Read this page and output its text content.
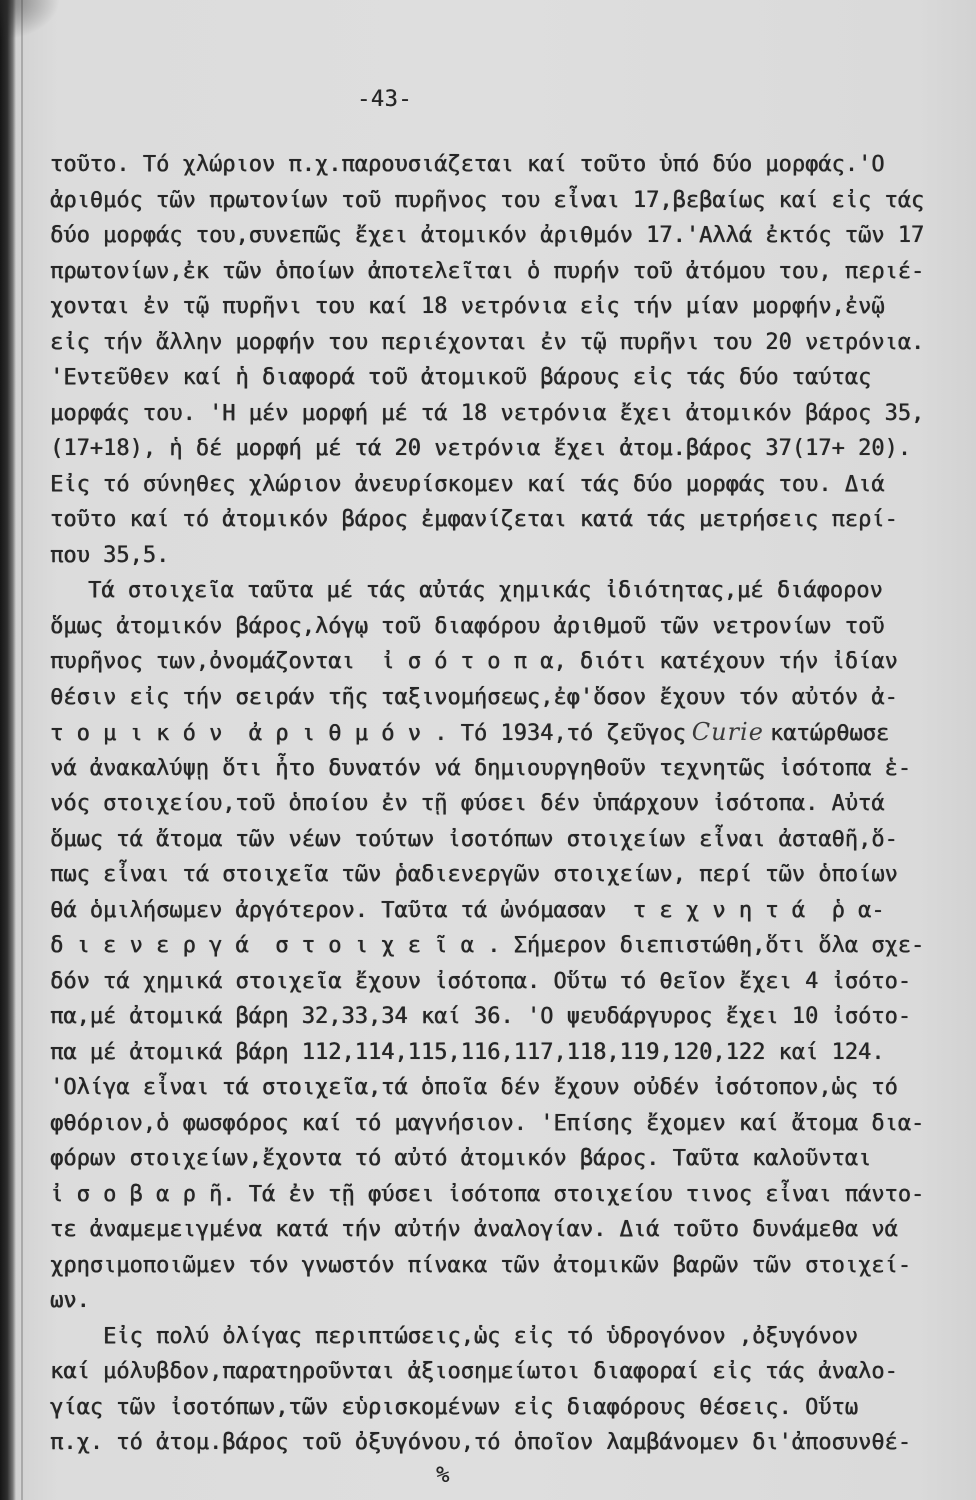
-43-
τοῦτο. Τό χλώριον π.χ.παρουσιάζεται καί τοῦτο ὑπό δύο μορφάς.'Ο
ἀριθμός τῶν πρωτονίων τοῦ πυρῆνος του εἶναι 17,βεβαίως καί εἰς τάς
δύο μορφάς του,συνεπῶς ἔχει ἀτομικόν ἀριθμόν 17.'Αλλά ἐκτός τῶν 17
πρωτονίων,ἐκ τῶν ὁποίων ἀποτελεῖται ὁ πυρήν τοῦ ἀτόμου του, περιέ-
χονται ἐν τῷ πυρῆνι του καί 18 νετρόνια εἰς τήν μίαν μορφήν,ἐνῷ
εἰς τήν ἄλλην μορφήν του περιέχονται ἐν τῷ πυρῆνι του 20 νετρόνια.
'Εντεῦθεν καί ἡ διαφορά τοῦ ἀτομικοῦ βάρους εἰς τάς δύο ταύτας
μορφάς του. 'Η μέν μορφή μέ τά 18 νετρόνια ἔχει ἀτομικόν βάρος 35,
(17+18), ἡ δέ μορφή μέ τά 20 νετρόνια ἔχει ἀτομ.βάρος 37(17+ 20).
Εἰς τό σύνηθες χλώριον ἀνευρίσκομεν καί τάς δύο μορφάς του. Διά
τοῦτο καί τό ἀτομικόν βάρος ἐμφανίζεται κατά τάς μετρήσεις περί-
που 35,5.
Τά στοιχεῖα ταῦτα μέ τάς αὐτάς χημικάς ἰδιότητας,μέ διάφορον
ὅμως ἀτομικόν βάρος,λόγῳ τοῦ διαφόρου ἀριθμοῦ τῶν νετρονίων τοῦ
πυρῆνος των,ὀνομάζονται  ἰ σ ό τ ο π α, διότι κατέχουν τήν ἰδίαν
θέσιν εἰς τήν σειράν τῆς ταξινομήσεως,ἐφ'ὅσον ἔχουν τόν αὐτόν ἀ-
τ ο μ ι κ ό ν  ἀ ρ ι θ μ ό ν . Τό 1934,τό ζεῦγος Curie κατώρθωσε
νά ἀνακαλύψῃ ὅτι ἦτο δυνατόν νά δημιουργηθοῦν τεχνητῶς ἰσότοπα ἑ-
νός στοιχείου,τοῦ ὁποίου ἐν τῇ φύσει δέν ὑπάρχουν ἰσότοπα. Αὐτά
ὅμως τά ἄτομα τῶν νέων τούτων ἰσοτόπων στοιχείων εἶναι ἀσταθῆ,ὅ-
πως εἶναι τά στοιχεῖα τῶν ῥαδιενεργῶν στοιχείων, περί τῶν ὁποίων
θά ὁμιλήσωμεν ἀργότερον. Ταῦτα τά ὠνόμασαν  τ ε χ ν η τ ά  ῥ α-
δ ι ε ν ε ρ γ ά  σ τ ο ι χ ε ῖ α . Σήμερον διεπιστώθη,ὅτι ὅλα σχε-
δόν τά χημικά στοιχεῖα ἔχουν ἰσότοπα. Οὕτω τό θεῖον ἔχει 4 ἰσότο-
πα,μέ ἀτομικά βάρη 32,33,34 καί 36. 'Ο ψευδάργυρος ἔχει 10 ἰσότο-
πα μέ ἀτομικά βάρη 112,114,115,116,117,118,119,120,122 καί 124.
'Ολίγα εἶναι τά στοιχεῖα,τά ὁποῖα δέν ἔχουν οὐδέν ἰσότοπον,ὡς τό
φθόριον,ὁ φωσφόρος καί τό μαγνήσιον. 'Επίσης ἔχομεν καί ἄτομα δια-
φόρων στοιχείων,ἔχοντα τό αὐτό ἀτομικόν βάρος. Ταῦτα καλοῦνται
ἰ σ ο β α ρ ῆ. Τά ἐν τῇ φύσει ἰσότοπα στοιχείου τινος εἶναι πάντο-
τε ἀναμεμειγμένα κατά τήν αὐτήν ἀναλογίαν. Διά τοῦτο δυνάμεθα νά
χρησιμοποιῶμεν τόν γνωστόν πίνακα τῶν ἀτομικῶν βαρῶν τῶν στοιχεί-
ων.
Εἰς πολύ ὀλίγας περιπτώσεις,ὡς εἰς τό ὑδρογόνον ,ὀξυγόνον
καί μόλυβδον,παρατηροῦνται ἀξιοσημείωτοι διαφοραί εἰς τάς ἀναλο-
γίας τῶν ἰσοτόπων,τῶν εὑρισκομένων εἰς διαφόρους θέσεις. Οὕτω
π.χ. τό ἀτομ.βάρος τοῦ ὀξυγόνου,τό ὁποῖον λαμβάνομεν δι'ἀποσυνθέ-
%
